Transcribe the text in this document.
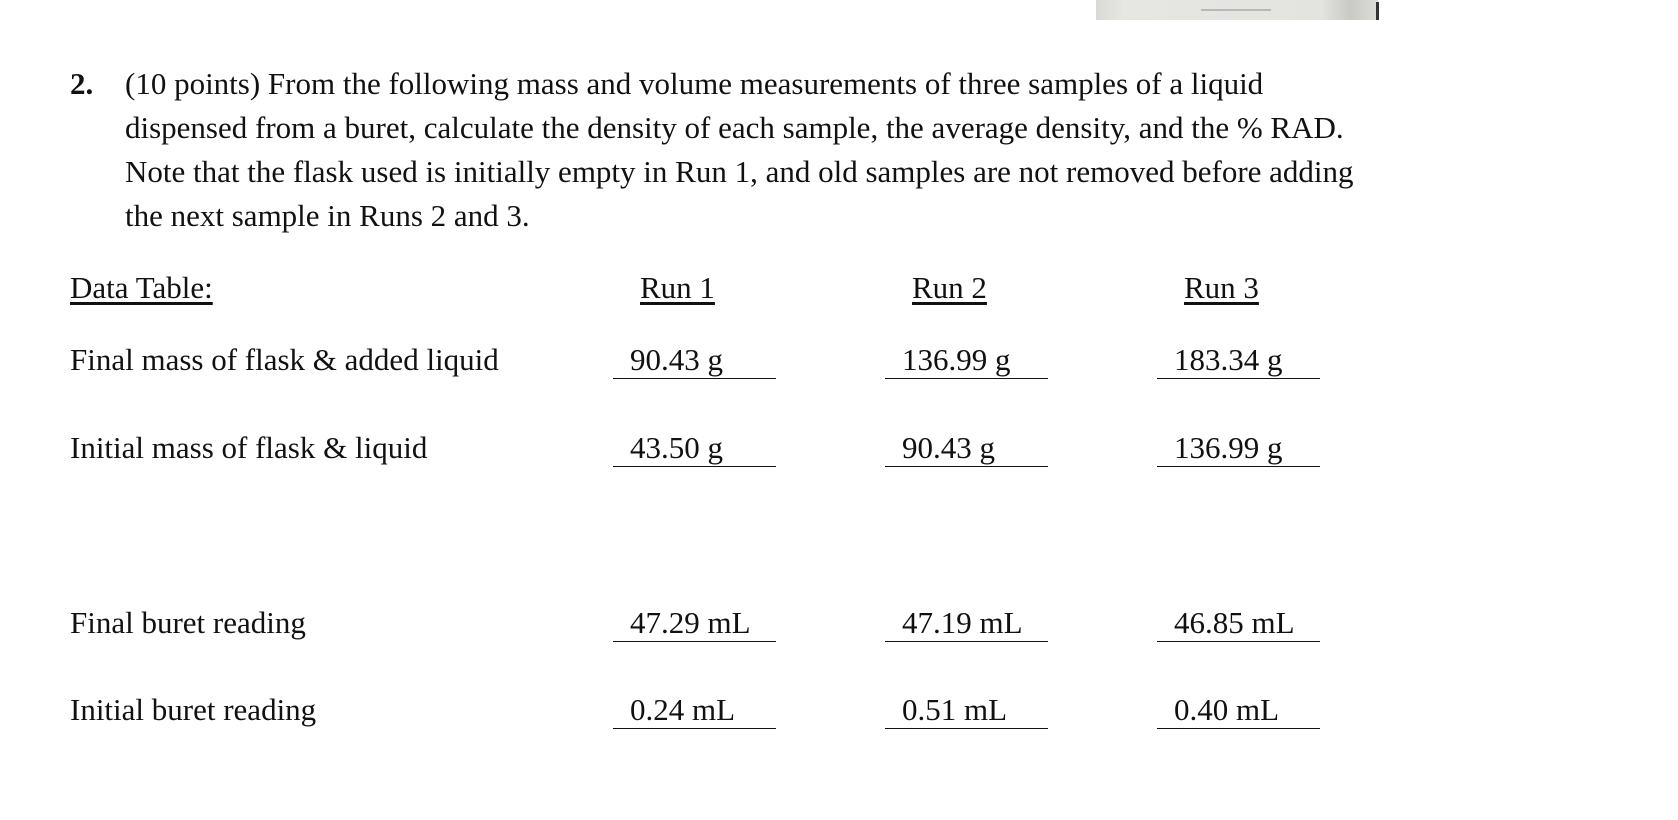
2. (10 points) From the following mass and volume measurements of three samples of a liquid
dispensed from a buret, calculate the density of each sample, the average density, and the % RAD.
Note that the flask used is initially empty in Run 1, and old samples are not removed before adding
the next sample in Runs 2 and 3.
Data Table:	Run 1	Run 2	Run 3
Final mass of flask & added liquid	90.43 g	136.99 g	183.34 g
Initial mass of flask & liquid	43.50 g	90.43 g	136.99 g
Final buret reading	47.29 mL	47.19 mL	46.85 mL
Initial buret reading	0.24 mL	0.51 mL	0.40 mL
